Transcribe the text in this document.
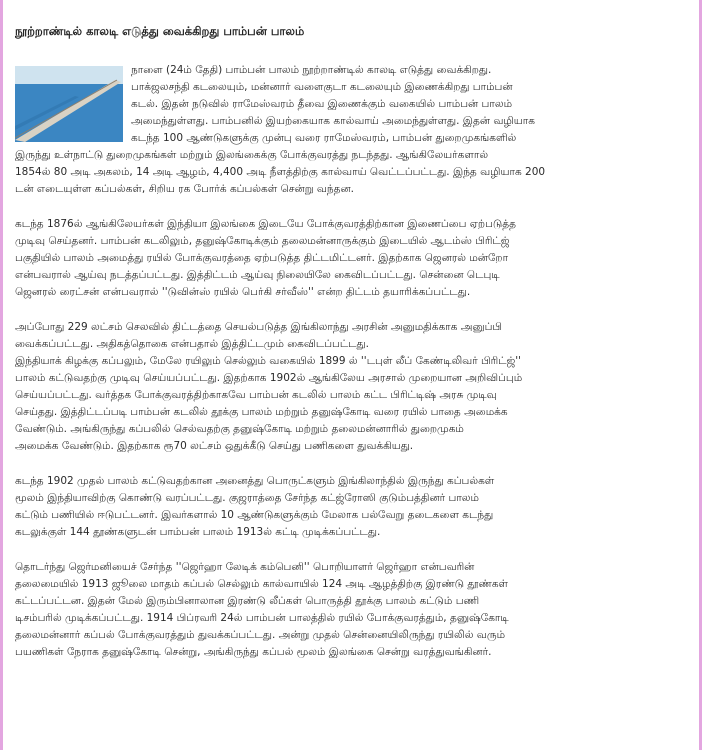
நூற்றாண்டில் காலடி எடுத்து வைக்கிறது பாம்பன் பாலம்
நாளை (24ம் தேதி) பாம்பன் பாலம் நூற்றாண்டில் காலடி எடுத்து வைக்கிறது.
பாக்ஜலசந்தி கடலையும், மன்னார் வளைகுடா கடலையும் இணைக்கிறது பாம்பன்
கடல். இதன் நடுவில் ராமேஸ்வரம் தீவை இணைக்கும் வகையில் பாம்பன் பாலம்
அமைந்துள்ளது. பாம்பனில் இயற்கையாக கால்வாய் அமைந்துள்ளது. இதன் வழியாக
கடந்த 100 ஆண்டுகளுக்கு முன்பு வரை ராமேஸ்வரம், பாம்பன் துறைமுகங்களில்
இருந்து உள்நாட்டு துறைமுகங்கள் மற்றும் இலங்கைக்கு போக்குவரத்து நடந்தது. ஆங்கிலேயர்களால்
1854ல் 80 அடி அகலம், 14 அடி ஆழம், 4,400 அடி நீளத்திற்கு கால்வாய் வெட்டப்பட்டது. இந்த வழியாக 200
டன் எடையுள்ள கப்பல்கள், சிறிய ரக போர்க் கப்பல்கள் சென்று வந்தன.
கடந்த 1876ல் ஆங்கிலேயர்கள் இந்தியா இலங்கை இடையே போக்குவரத்திற்கான இணைப்பை ஏற்படுத்த
முடிவு செய்தனர். பாம்பன் கடலிலும், தனுஷ்கோடிக்கும் தலைமன்னாருக்கும் இடையில் ஆடம்ஸ் பிரிட்ஜ்
பகுதியில் பாலம் அமைத்து ரயில் போக்குவரத்தை ஏற்படுத்த திட்டமிட்டனர். இதற்காக ஜெனரல் மன்றோ
என்பவரால் ஆய்வு நடத்தப்பட்டது. இத்திட்டம் ஆய்வு நிலையிலே கைவிடப்பட்டது. சென்னை டெபுடி
ஜெனரல் ரைட்சன் என்பவரால் ''டுவின்ஸ் ரயில் பெர்கி சர்வீஸ்'' என்ற திட்டம் தயாரிக்கப்பட்டது.
அப்போது 229 லட்சம் செலவில் திட்டத்தை செயல்படுத்த இங்கிலாந்து அரசின் அனுமதிக்காக அனுப்பி
வைக்கப்பட்டது. அதிகத்தொகை என்பதால் இத்திட்டமும் கைவிடப்பட்டது.
இந்தியாக் கிழக்கு கப்பலும், மேலே ரயிலும் செல்லும் வகையில் 1899 ல் ''டபுள் லீப் கேண்டிலிவர் பிரிட்ஜ்''
பாலம் கட்டுவதற்கு முடிவு செய்யப்பட்டது. இதற்காக 1902ல் ஆங்கிலேய அரசால் முறையான அறிவிப்பும்
செய்யப்பட்டது. வர்த்தக போக்குவரத்திற்காகவே பாம்பன் கடலில் பாலம் கட்ட பிரிட்டிஷ் அரசு முடிவு
செய்தது. இத்திட்டப்படி பாம்பன் கடலில் தூக்கு பாலம் மற்றும் தனுஷ்கோடி வரை ரயில் பாதை அமைக்க
வேண்டும். அங்கிருந்து கப்பலில் செல்வதற்கு தனுஷ்கோடி மற்றும் தலைமன்னாரில் துறைமுகம்
அமைக்க வேண்டும். இதற்காக ரூ70 லட்சம் ஒதுக்கீடு செய்து பணிகளை துவக்கியது.
கடந்த 1902 முதல் பாலம் கட்டுவதற்கான அனைத்து பொருட்களும் இங்கிலாந்தில் இருந்து கப்பல்கள்
மூலம் இந்தியாவிற்கு கொண்டு வரப்பட்டது. குஜராத்தை சேர்ந்த கட்ஜ்ரோஸி குடும்பத்தினர் பாலம்
கட்டும் பணியில் ஈடுபட்டனர். இவர்களால் 10 ஆண்டுகளுக்கும் மேலாக பல்வேறு தடைகளை கடந்து
கடலுக்குள் 144 தூண்களுடன் பாம்பன் பாலம் 1913ல் கட்டி முடிக்கப்பட்டது.
தொடர்ந்து ஜெர்மனியைச் சேர்ந்த ''ஜெர்ஹா லேடிக் கம்பெனி'' பொறியாளர் ஜெர்ஹா என்பவரின்
தலைமையில் 1913 ஜூலை மாதம் கப்பல் செல்லும் கால்வாயில் 124 அடி ஆழத்திற்கு இரண்டு தூண்கள்
கட்டப்பட்டன. இதன் மேல் இரும்பினாலான இரண்டு லீப்கள் பொருத்தி தூக்கு பாலம் கட்டும் பணி
டிசம்பரில் முடிக்கப்பட்டது. 1914 பிப்ரவரி 24ல் பாம்பன் பாலத்தில் ரயில் போக்குவரத்தும், தனுஷ்கோடி
தலைமன்னார் கப்பல் போக்குவரத்தும் துவக்கப்பட்டது. அன்று முதல் சென்னையிலிருந்து ரயிலில் வரும்
பயணிகள் நேராக தனுஷ்கோடி சென்று, அங்கிருந்து கப்பல் மூலம் இலங்கை சென்று வரத்துவங்கினர்.
